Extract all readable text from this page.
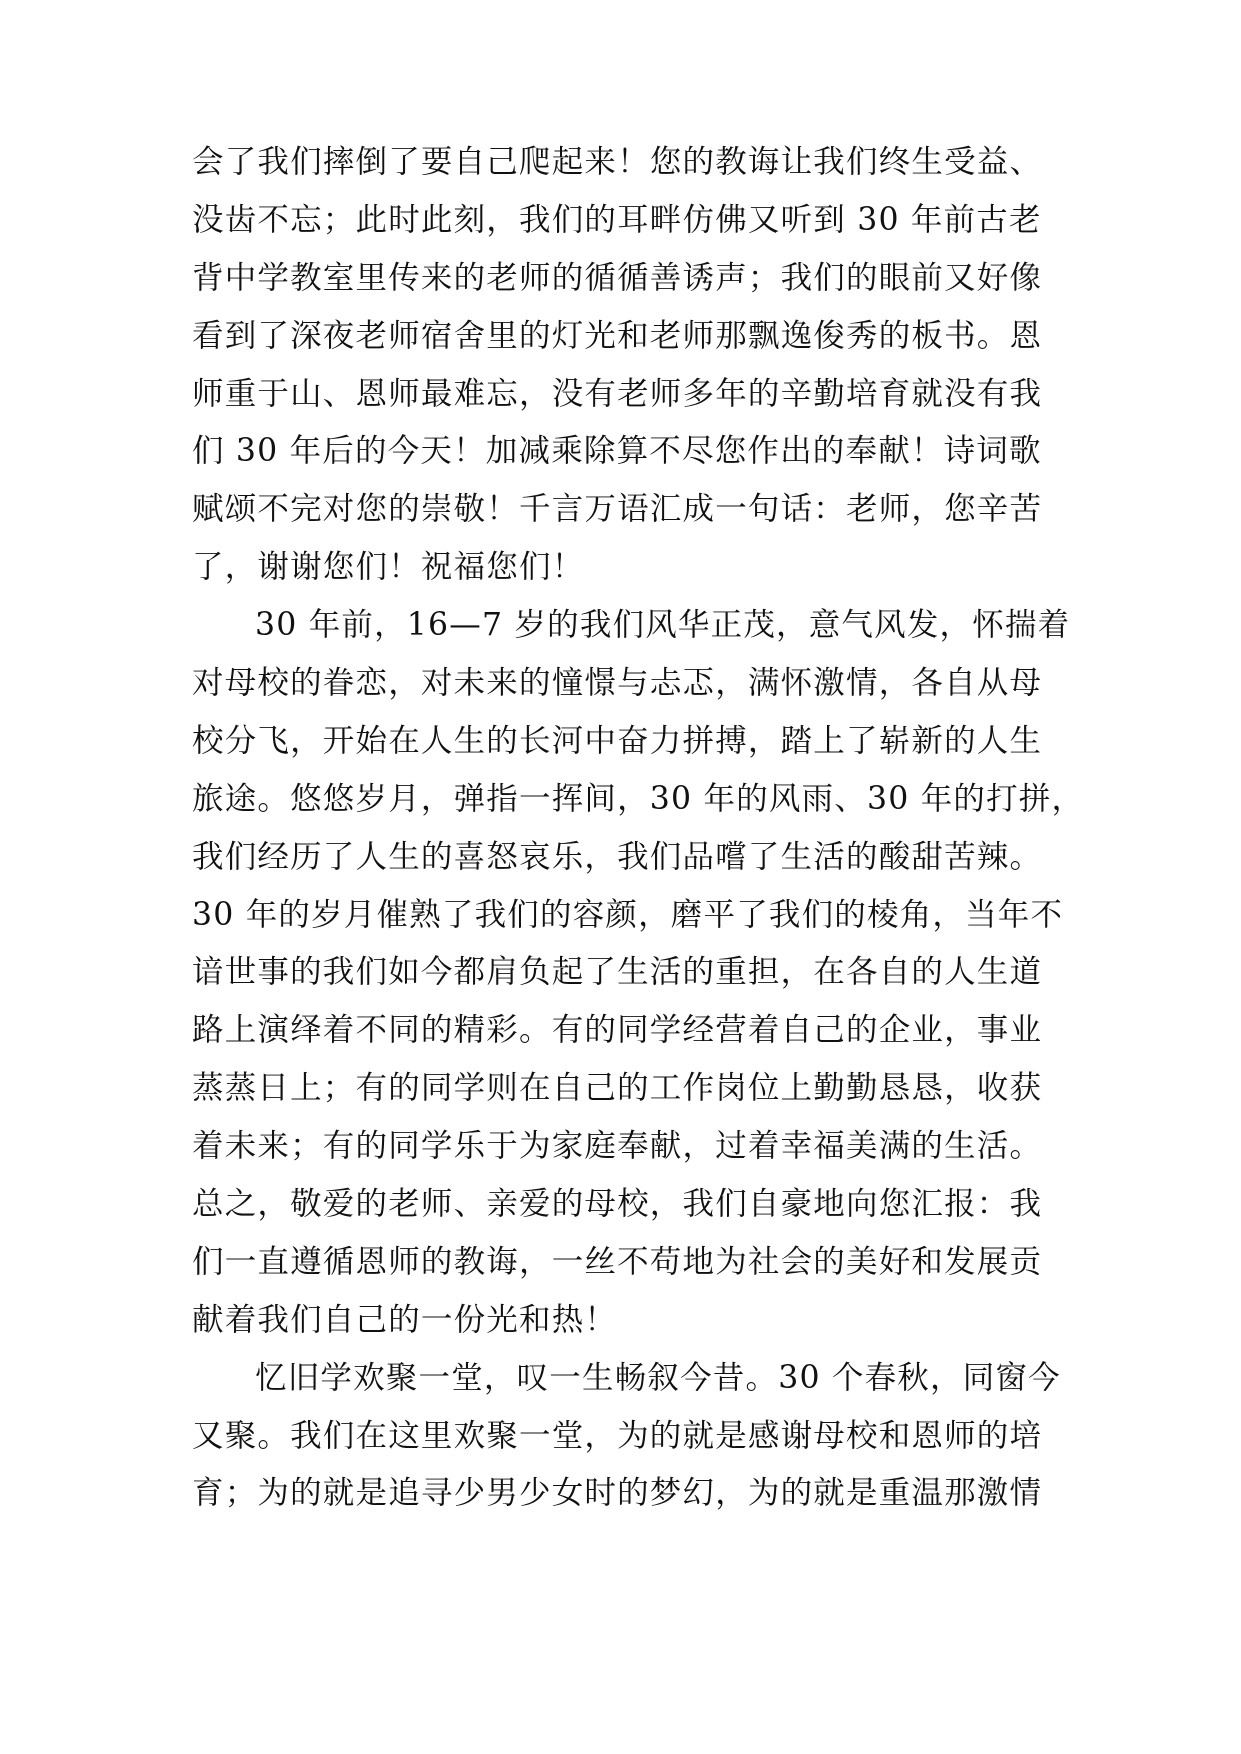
会了我们摔倒了要自己爬起来！您的教诲让我们终生受益、
没齿不忘；此时此刻，我们的耳畔仿佛又听到 30 年前古老
背中学教室里传来的老师的循循善诱声；我们的眼前又好像
看到了深夜老师宿舍里的灯光和老师那飘逸俊秀的板书。恩
师重于山、恩师最难忘，没有老师多年的辛勤培育就没有我
们 30 年后的今天！加减乘除算不尽您作出的奉献！诗词歌
赋颂不完对您的崇敬！千言万语汇成一句话：老师，您辛苦
了，谢谢您们！祝福您们！

30 年前，16—7 岁的我们风华正茂，意气风发，怀揣着
对母校的眷恋，对未来的憧憬与忐忑，满怀激情，各自从母
校分飞，开始在人生的长河中奋力拼搏，踏上了崭新的人生
旅途。悠悠岁月，弹指一挥间，30 年的风雨、30 年的打拼，
我们经历了人生的喜怒哀乐，我们品嚐了生活的酸甜苦辣。
30 年的岁月催熟了我们的容颜，磨平了我们的棱角，当年不
谙世事的我们如今都肩负起了生活的重担，在各自的人生道
路上演绎着不同的精彩。有的同学经营着自己的企业，事业
蒸蒸日上；有的同学则在自己的工作岗位上勤勤恳恳，收获
着未来；有的同学乐于为家庭奉献，过着幸福美满的生活。
总之，敬爱的老师、亲爱的母校，我们自豪地向您汇报：我
们一直遵循恩师的教诲，一丝不苟地为社会的美好和发展贡
献着我们自己的一份光和热！

忆旧学欢聚一堂，叹一生畅叙今昔。30 个春秋，同窗今
又聚。我们在这里欢聚一堂，为的就是感谢母校和恩师的培
育；为的就是追寻少男少女时的梦幻，为的就是重温那激情
